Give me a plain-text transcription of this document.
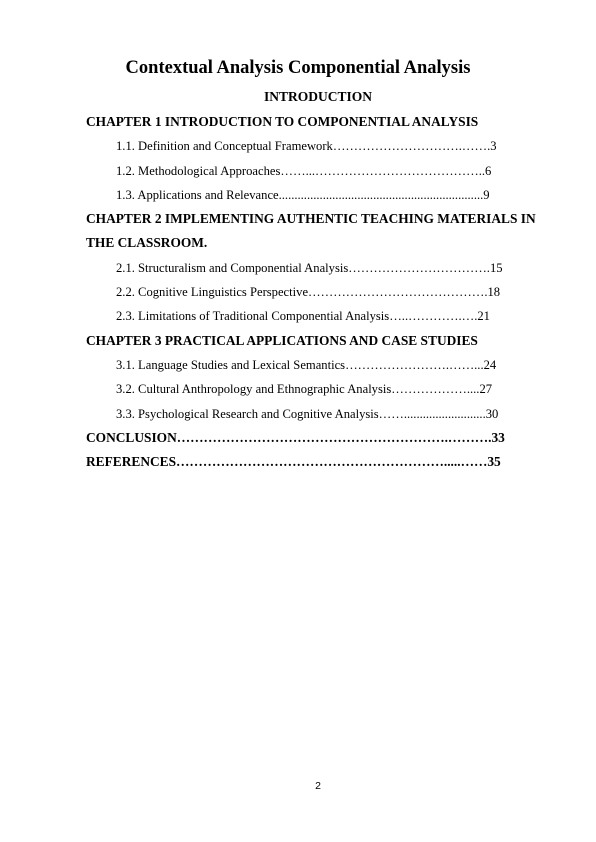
Contextual Analysis Componential Analysis
INTRODUCTION
CHAPTER 1 INTRODUCTION TO COMPONENTIAL ANALYSIS
1.1. Definition and Conceptual Framework………………………….…….3
1.2. Methodological Approaches……...…………………………………..6
1.3. Applications and Relevance.................................................................9
CHAPTER 2 IMPLEMENTING AUTHENTIC TEACHING MATERIALS IN
THE CLASSROOM.
2.1. Structuralism and Componential Analysis…………………………….15
2.2. Cognitive Linguistics Perspective…………………………………….18
2.3. Limitations of Traditional Componential Analysis…..………….….21
CHAPTER 3 PRACTICAL APPLICATIONS AND CASE STUDIES
3.1. Language Studies and Lexical Semantics…………………….……...24
3.2. Cultural Anthropology and Ethnographic Analysis………………....27
3.3. Psychological Research and Cognitive Analysis……..........................30
CONCLUSION…………………………………………………….……….33
REFERENCES…………………………………………………….....……35
2
